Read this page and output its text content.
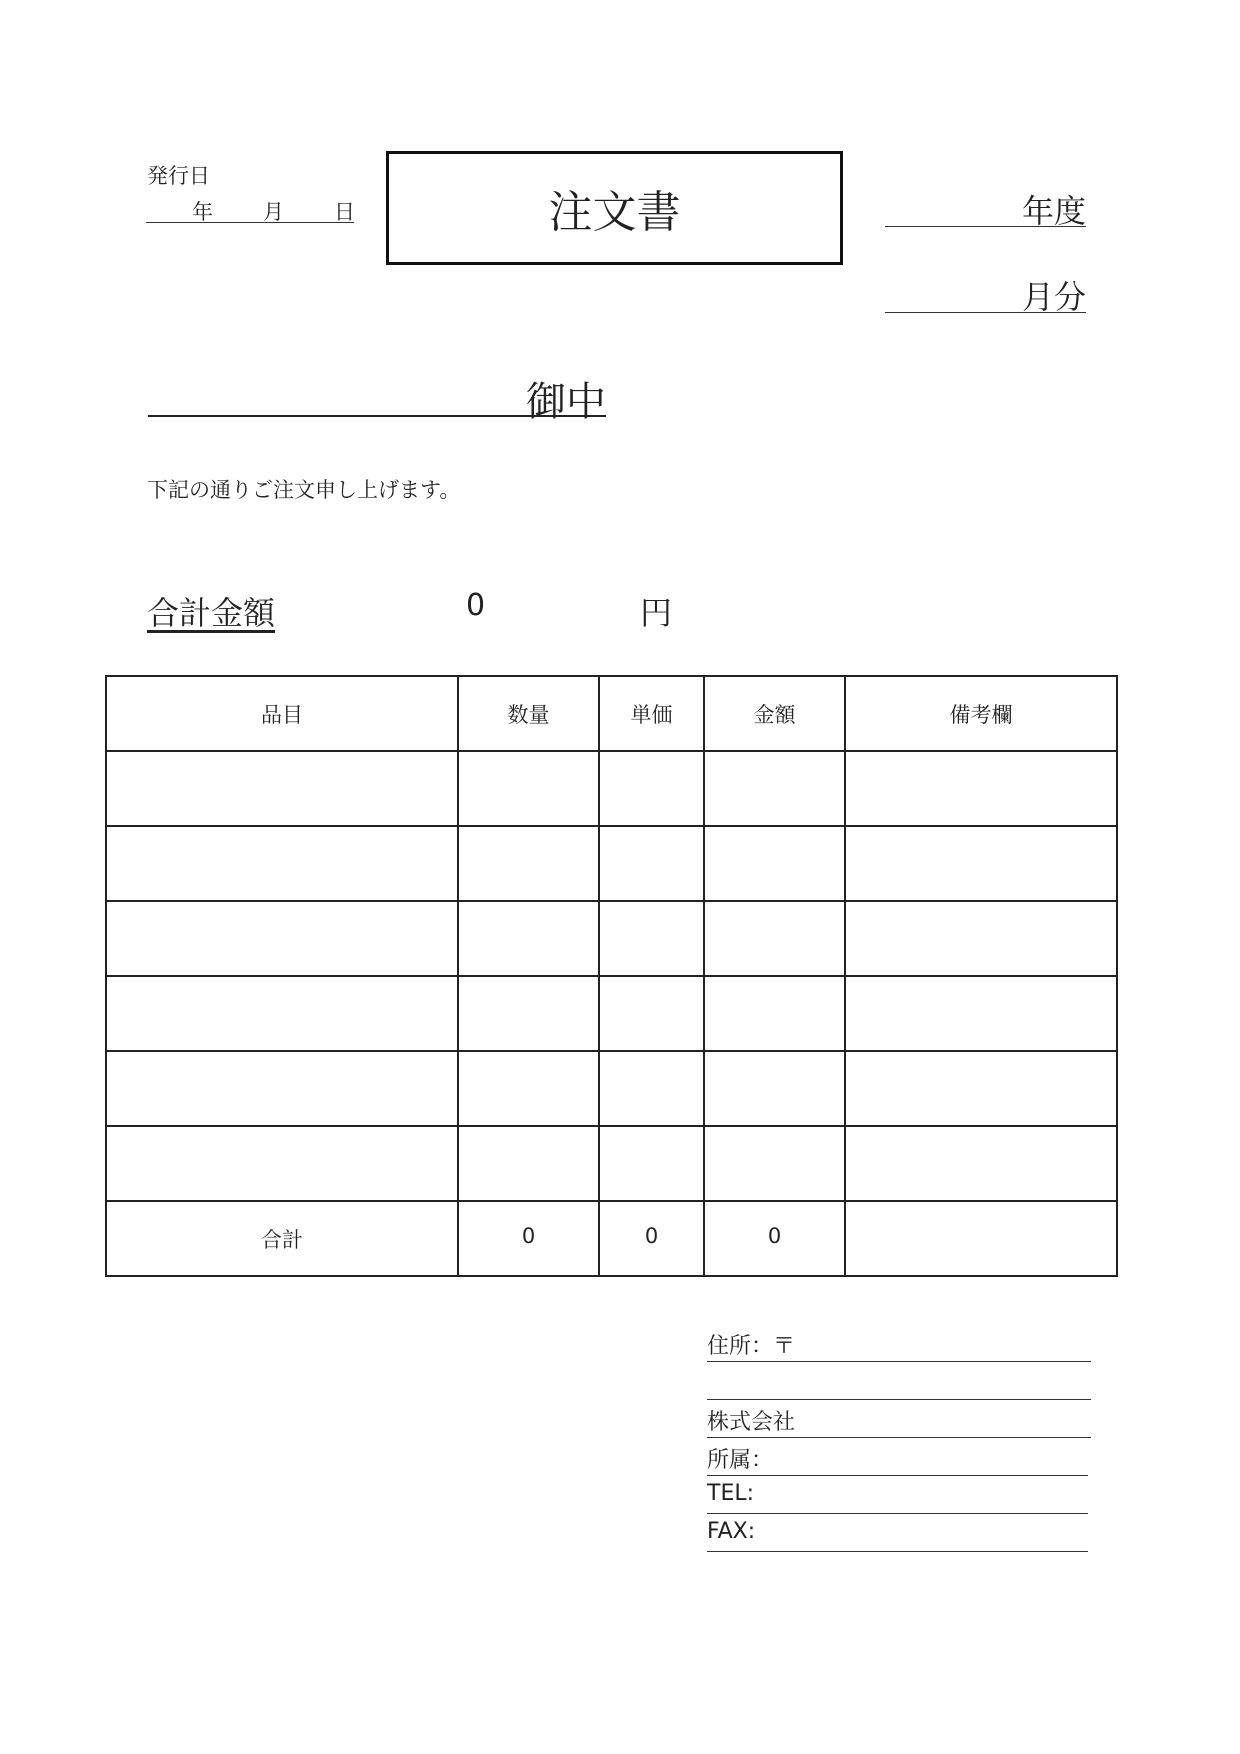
発行日
年 月 日	注文書	年度
月分
御中
下記の通りご注文申し上げます。
合計金額	0	円
品目	数量	単価	金額	備考欄

合計	0	0	0	
住所：〒
株式会社
所属：
TEL:
FAX:
